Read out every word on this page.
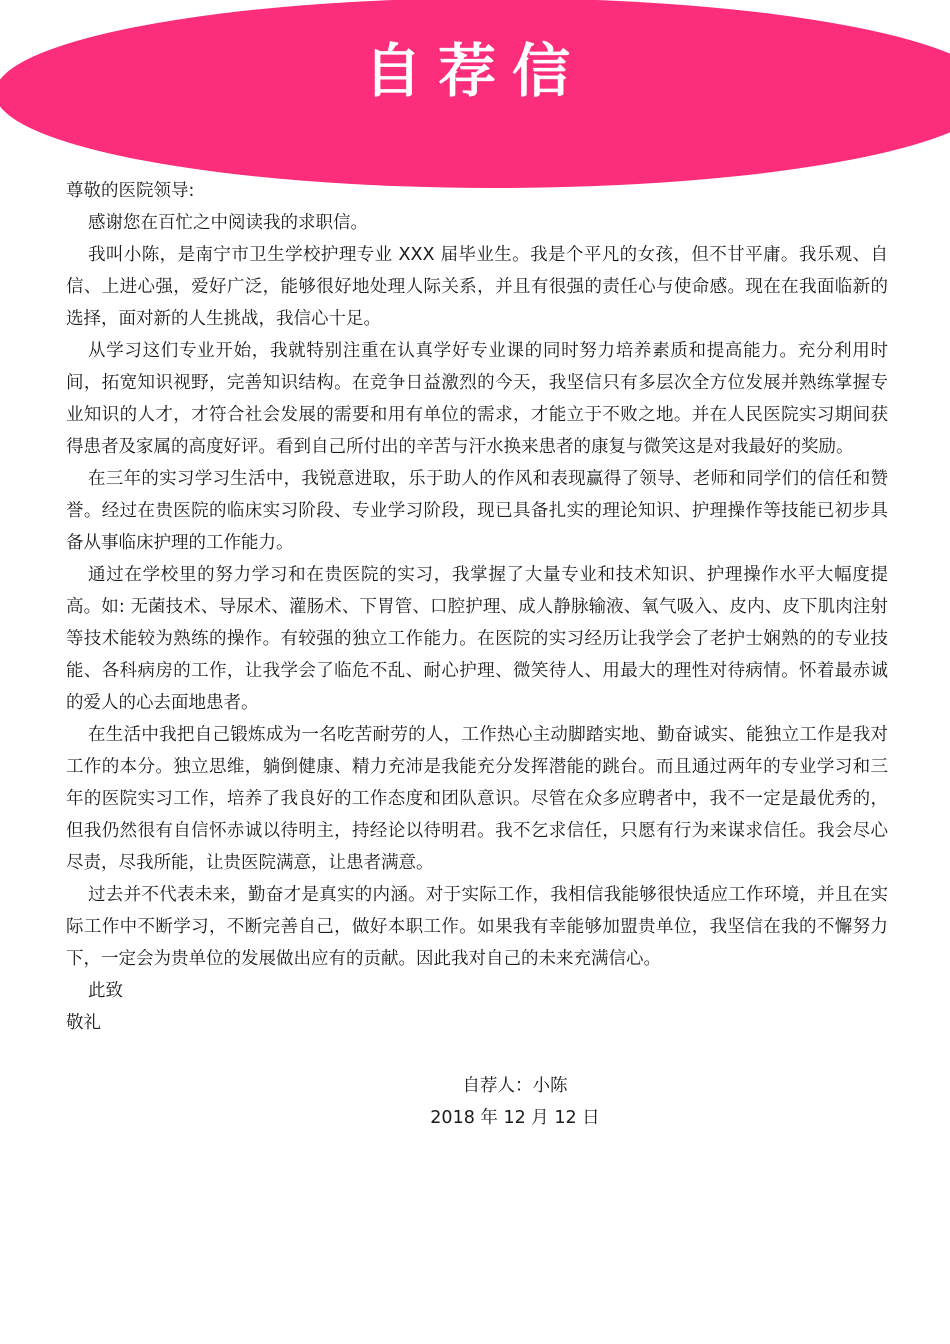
自荐信

尊敬的医院领导:

感谢您在百忙之中阅读我的求职信。

我叫小陈，是南宁市卫生学校护理专业 XXX 届毕业生。我是个平凡的女孩，但不甘平庸。我乐观、自信、上进心强，爱好广泛，能够很好地处理人际关系，并且有很强的责任心与使命感。现在在我面临新的选择，面对新的人生挑战，我信心十足。

从学习这们专业开始，我就特别注重在认真学好专业课的同时努力培养素质和提高能力。充分利用时间，拓宽知识视野，完善知识结构。在竞争日益激烈的今天，我坚信只有多层次全方位发展并熟练掌握专业知识的人才，才符合社会发展的需要和用有单位的需求，才能立于不败之地。并在人民医院实习期间获得患者及家属的高度好评。看到自己所付出的辛苦与汗水换来患者的康复与微笑这是对我最好的奖励。

在三年的实习学习生活中，我锐意进取，乐于助人的作风和表现赢得了领导、老师和同学们的信任和赞誉。经过在贵医院的临床实习阶段、专业学习阶段，现已具备扎实的理论知识、护理操作等技能已初步具备从事临床护理的工作能力。

通过在学校里的努力学习和在贵医院的实习，我掌握了大量专业和技术知识、护理操作水平大幅度提高。如: 无菌技术、导尿术、灌肠术、下胃管、口腔护理、成人静脉输液、氧气吸入、皮内、皮下肌肉注射等技术能较为熟练的操作。有较强的独立工作能力。在医院的实习经历让我学会了老护士娴熟的的专业技能、各科病房的工作，让我学会了临危不乱、耐心护理、微笑待人、用最大的理性对待病情。怀着最赤诚的爱人的心去面地患者。

在生活中我把自己锻炼成为一名吃苦耐劳的人，工作热心主动脚踏实地、勤奋诚实、能独立工作是我对工作的本分。独立思维，躺倒健康、精力充沛是我能充分发挥潜能的跳台。而且通过两年的专业学习和三年的医院实习工作，培养了我良好的工作态度和团队意识。尽管在众多应聘者中，我不一定是最优秀的，但我仍然很有自信怀赤诚以待明主，持经论以待明君。我不乞求信任，只愿有行为来谋求信任。我会尽心尽责，尽我所能，让贵医院满意，让患者满意。

过去并不代表未来，勤奋才是真实的内涵。对于实际工作，我相信我能够很快适应工作环境，并且在实际工作中不断学习，不断完善自己，做好本职工作。如果我有幸能够加盟贵单位，我坚信在我的不懈努力下，一定会为贵单位的发展做出应有的贡献。因此我对自己的未来充满信心。

此致

敬礼

自荐人：小陈
2018 年 12 月 12 日
